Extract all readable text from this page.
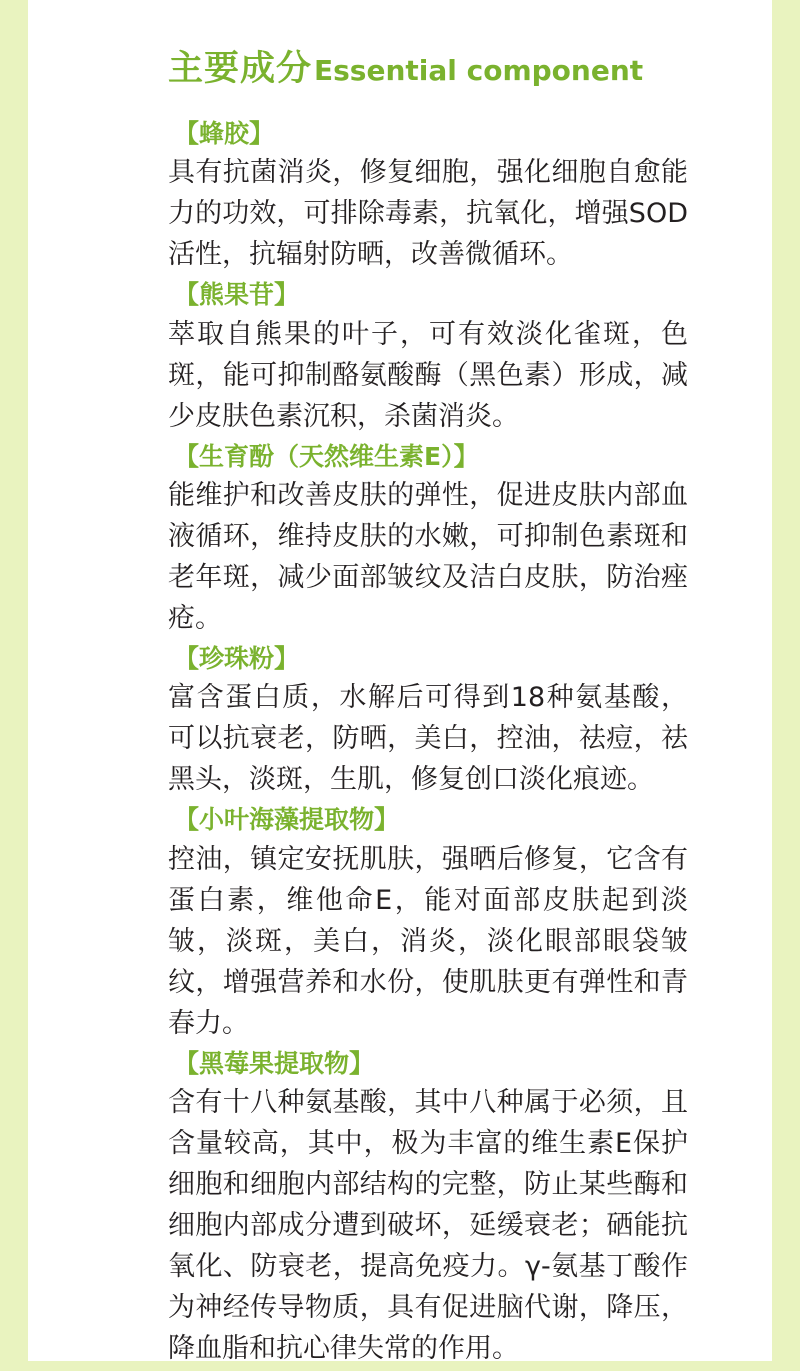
主要成分 Essential component
【蜂胶】
具有抗菌消炎，修复细胞，强化细胞自愈能力的功效，可排除毒素，抗氧化，增强SOD活性，抗辐射防晒，改善微循环。
【熊果苷】
萃取自熊果的叶子，可有效淡化雀斑，色斑，能可抑制酪氨酸酶（黑色素）形成，减少皮肤色素沉积，杀菌消炎。
【生育酚（天然维生素E）】
能维护和改善皮肤的弹性，促进皮肤内部血液循环，维持皮肤的水嫩，可抑制色素斑和老年斑，减少面部皱纹及洁白皮肤，防治痤疮。
【珍珠粉】
富含蛋白质，水解后可得到18种氨基酸，可以抗衰老，防晒，美白，控油，祛痘，祛黑头，淡斑，生肌，修复创口淡化痕迹。
【小叶海藻提取物】
控油，镇定安抚肌肤，强晒后修复，它含有蛋白素，维他命E，能对面部皮肤起到淡皱，淡斑，美白，消炎，淡化眼部眼袋皱纹，增强营养和水份，使肌肤更有弹性和青春力。
【黑莓果提取物】
含有十八种氨基酸，其中八种属于必须，且含量较高，其中，极为丰富的维生素E保护细胞和细胞内部结构的完整，防止某些酶和细胞内部成分遭到破坏，延缓衰老；硒能抗氧化、防衰老，提高免疫力。γ-氨基丁酸作为神经传导物质，具有促进脑代谢，降压，降血脂和抗心律失常的作用。
